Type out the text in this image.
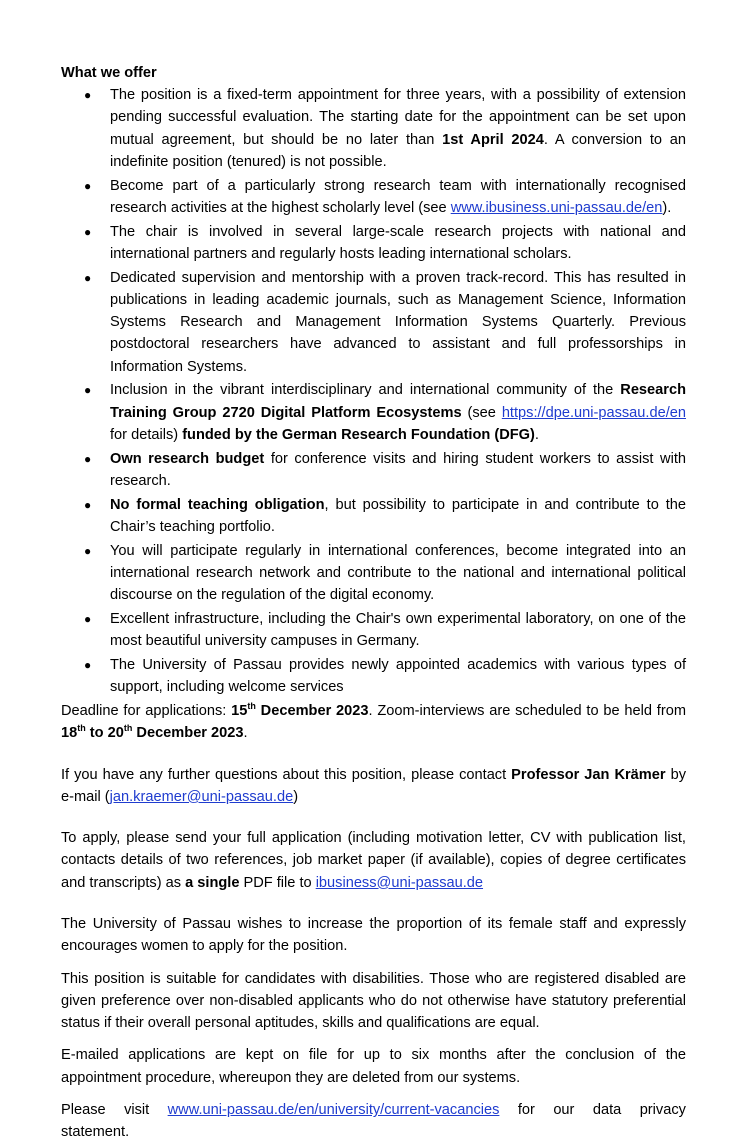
What we offer

● The position is a fixed-term appointment for three years, with a possibility of extension pending successful evaluation. The starting date for the appointment can be set upon mutual agreement, but should be no later than 1st April 2024. A conversion to an indefinite position (tenured) is not possible.
● Become part of a particularly strong research team with internationally recognised research activities at the highest scholarly level (see www.ibusiness.uni-passau.de/en).
● The chair is involved in several large-scale research projects with national and international partners and regularly hosts leading international scholars.
● Dedicated supervision and mentorship with a proven track-record. This has resulted in publications in leading academic journals, such as Management Science, Information Systems Research and Management Information Systems Quarterly. Previous postdoctoral researchers have advanced to assistant and full professorships in Information Systems.
● Inclusion in the vibrant interdisciplinary and international community of the Research Training Group 2720 Digital Platform Ecosystems (see https://dpe.uni-passau.de/en for details) funded by the German Research Foundation (DFG).
● Own research budget for conference visits and hiring student workers to assist with research.
● No formal teaching obligation, but possibility to participate in and contribute to the Chair’s teaching portfolio.
● You will participate regularly in international conferences, become integrated into an international research network and contribute to the national and international political discourse on the regulation of the digital economy.
● Excellent infrastructure, including the Chair's own experimental laboratory, on one of the most beautiful university campuses in Germany.
● The University of Passau provides newly appointed academics with various types of support, including welcome services

Deadline for applications: 15th December 2023. Zoom-interviews are scheduled to be held from 18th to 20th December 2023.

If you have any further questions about this position, please contact Professor Jan Krämer by e-mail (jan.kraemer@uni-passau.de)

To apply, please send your full application (including motivation letter, CV with publication list, contacts details of two references, job market paper (if available), copies of degree certificates and transcripts) as a single PDF file to ibusiness@uni-passau.de

The University of Passau wishes to increase the proportion of its female staff and expressly encourages women to apply for the position.

This position is suitable for candidates with disabilities. Those who are registered disabled are given preference over non-disabled applicants who do not otherwise have statutory preferential status if their overall personal aptitudes, skills and qualifications are equal.

E-mailed applications are kept on file for up to six months after the conclusion of the appointment procedure, whereupon they are deleted from our systems.

Please visit www.uni-passau.de/en/university/current-vacancies for our data privacy
statement.
